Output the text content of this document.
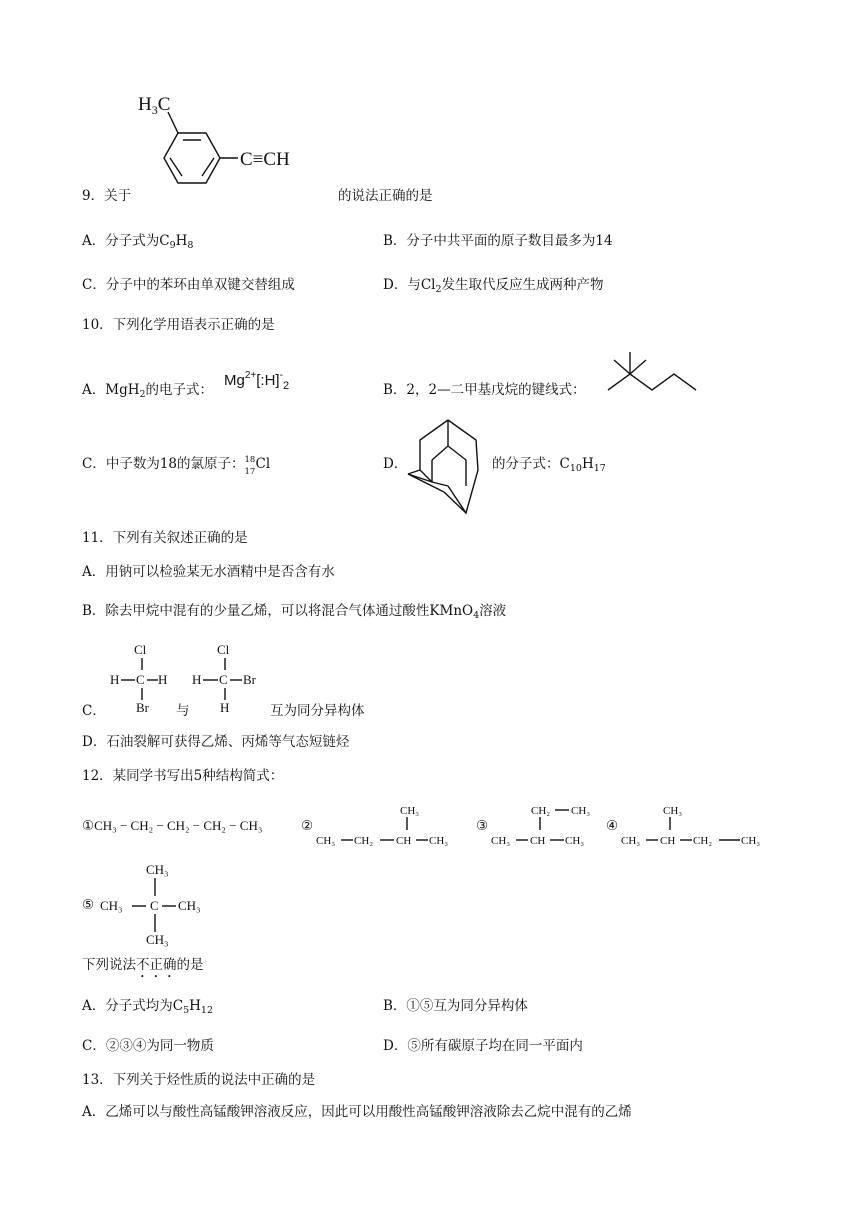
$H_3C$
C≡CH
9．关于	的说法正确的是
A．分子式为$C_9H_8$	B．分子中共平面的原子数目最多为14
C．分子中的苯环由单双键交替组成	D．与$Cl_2$发生取代反应生成两种产物
10．下列化学用语表示正确的是
A．MgH$_2$的电子式：
$Mg^{2+}[:H]^-_2$	B．2，2—二甲基戊烷的键线式：
C．中子数为18的氯原子： 18
17 Cl	D．	的分子式：$C_{10}H_{17}$
11．下列有关叙述正确的是
A．用钠可以检验某无水酒精中是否含有水
B．除去甲烷中混有的少量乙烯，可以将混合气体通过酸性KMnO$_4$溶液
Cl
H C H
Br
Cl
H C Br
H
C．	与	互为同分异构体
D．石油裂解可获得乙烯、丙烯等气态短链烃
12．某同学书写出5种结构简式：
①CH₃ − CH₂ − CH₂ − CH₂ − CH₃	②
CH₃
CH₃ CH₂ CH CH₃
③
CH₂ CH₃
CH₃ CH CH₃
④
CH₃
CH₃ CH CH₂	CH₃
⑤
CH₃
CH₃ C CH₃
CH₃
下列说法不正确的是
A．分子式均为$C_5H_{12}$	B．①⑤互为同分异构体
C．②③④为同一物质	D．⑤所有碳原子均在同一平面内
13．下列关于烃性质的说法中正确的是
A．乙烯可以与酸性高锰酸钾溶液反应，因此可以用酸性高锰酸钾溶液除去乙烷中混有的乙烯
